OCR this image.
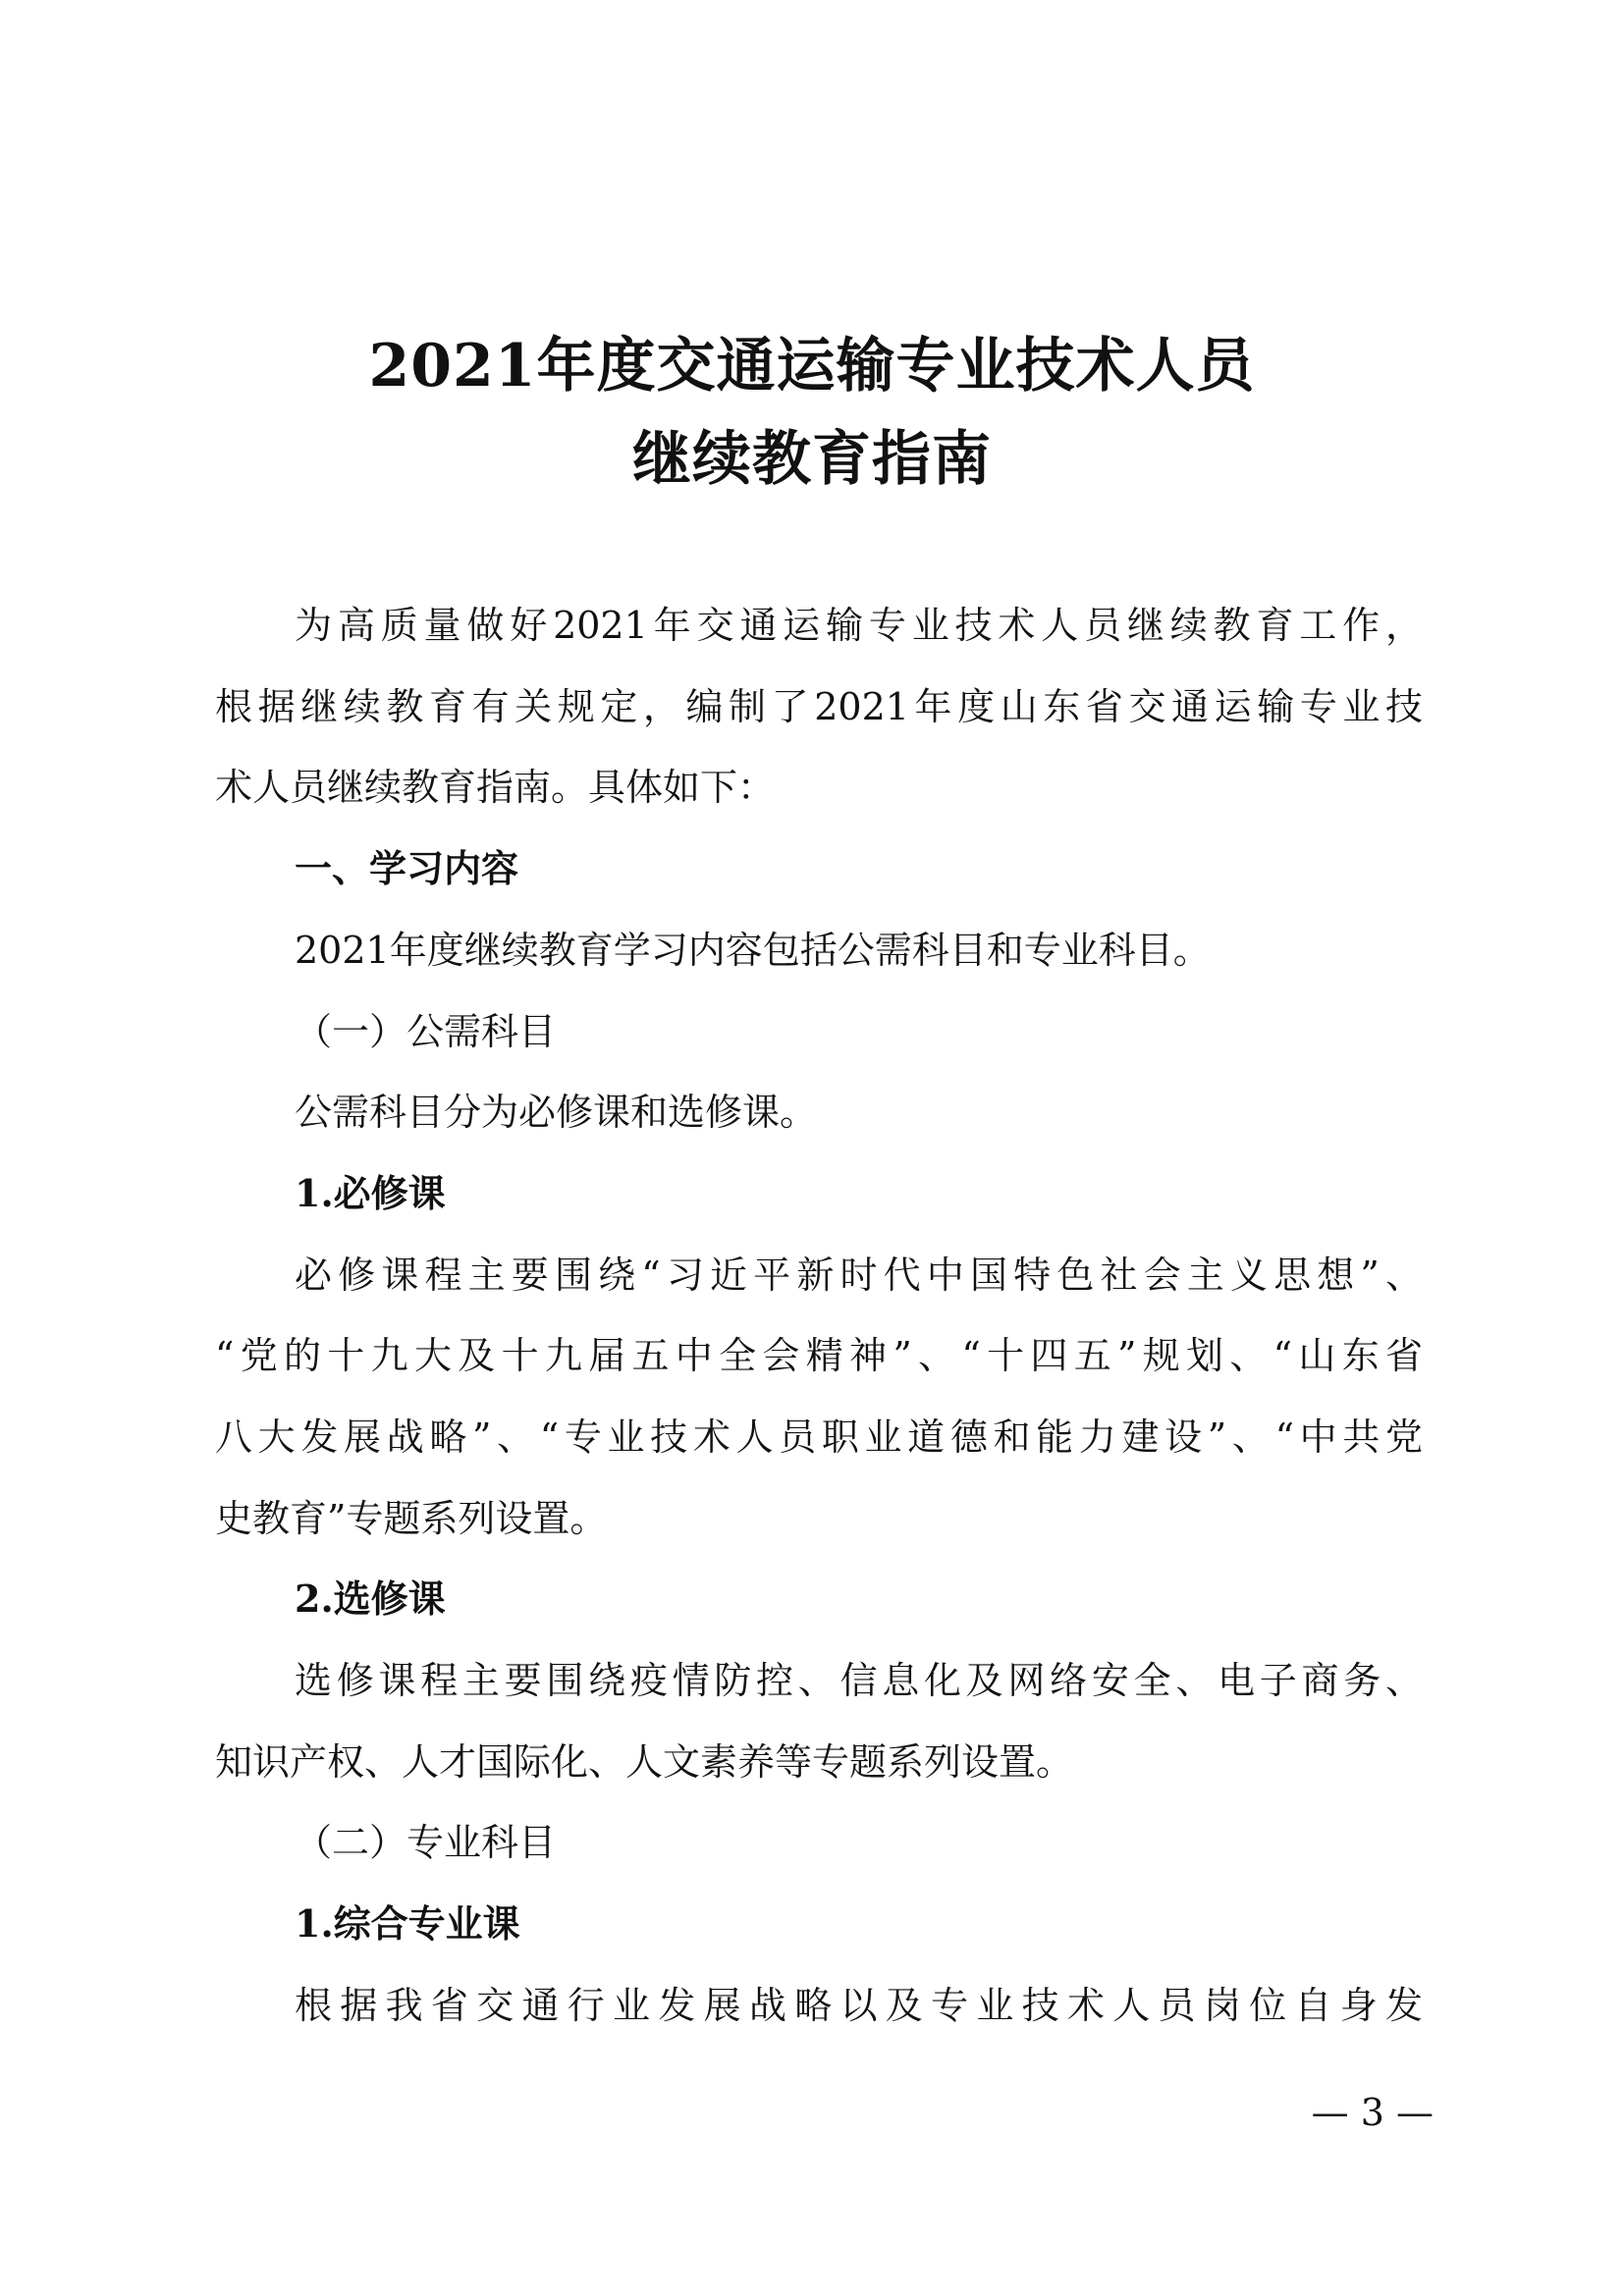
2021年度交通运输专业技术人员
继续教育指南
为高质量做好2021年交通运输专业技术人员继续教育工作，
根据继续教育有关规定，编制了2021年度山东省交通运输专业技
术人员继续教育指南。具体如下：
一、学习内容
2021年度继续教育学习内容包括公需科目和专业科目。
（一）公需科目
公需科目分为必修课和选修课。
1.必修课
必修课程主要围绕“习近平新时代中国特色社会主义思想”、
“党的十九大及十九届五中全会精神”、“十四五”规划、“山东省
八大发展战略”、“专业技术人员职业道德和能力建设”、“中共党
史教育”专题系列设置。
2.选修课
选修课程主要围绕疫情防控、信息化及网络安全、电子商务、
知识产权、人才国际化、人文素养等专题系列设置。
（二）专业科目
1.综合专业课
根据我省交通行业发展战略以及专业技术人员岗位自身发
— 3 —
